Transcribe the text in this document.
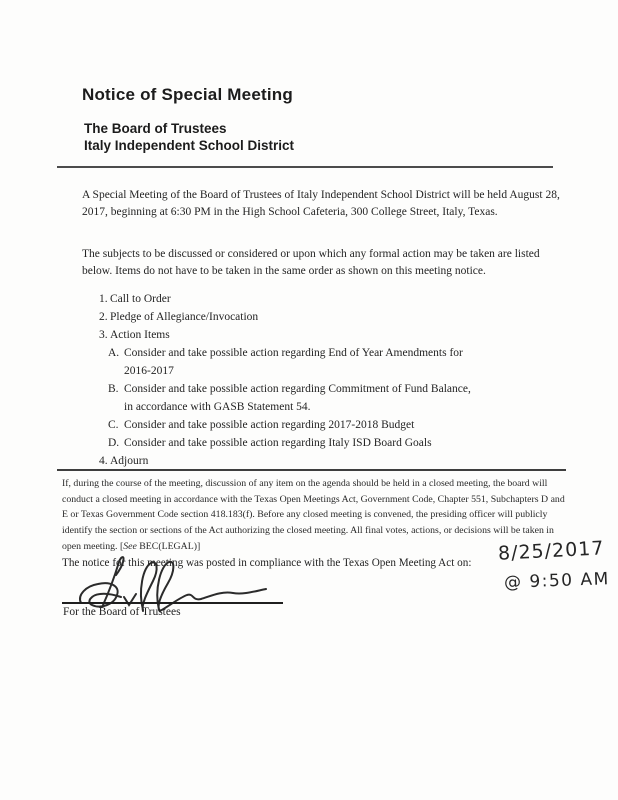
Notice of Special Meeting
The Board of Trustees
Italy Independent School District
A Special Meeting of the Board of Trustees of Italy Independent School District will be held August 28, 2017, beginning at 6:30 PM in the High School Cafeteria, 300 College Street, Italy, Texas.
The subjects to be discussed or considered or upon which any formal action may be taken are listed below. Items do not have to be taken in the same order as shown on this meeting notice.
1. Call to Order
2. Pledge of Allegiance/Invocation
3. Action Items
A. Consider and take possible action regarding End of Year Amendments for 2016-2017
B. Consider and take possible action regarding Commitment of Fund Balance, in accordance with GASB Statement 54.
C. Consider and take possible action regarding 2017-2018 Budget
D. Consider and take possible action regarding Italy ISD Board Goals
4. Adjourn
If, during the course of the meeting, discussion of any item on the agenda should be held in a closed meeting, the board will conduct a closed meeting in accordance with the Texas Open Meetings Act, Government Code, Chapter 551, Subchapters D and E or Texas Government Code section 418.183(f). Before any closed meeting is convened, the presiding officer will publicly identify the section or sections of the Act authorizing the closed meeting. All final votes, actions, or decisions will be taken in open meeting. [See BEC(LEGAL)]
The notice for this meeting was posted in compliance with the Texas Open Meeting Act on: 8/25/2017
@ 9:50 AM
For the Board of Trustees
